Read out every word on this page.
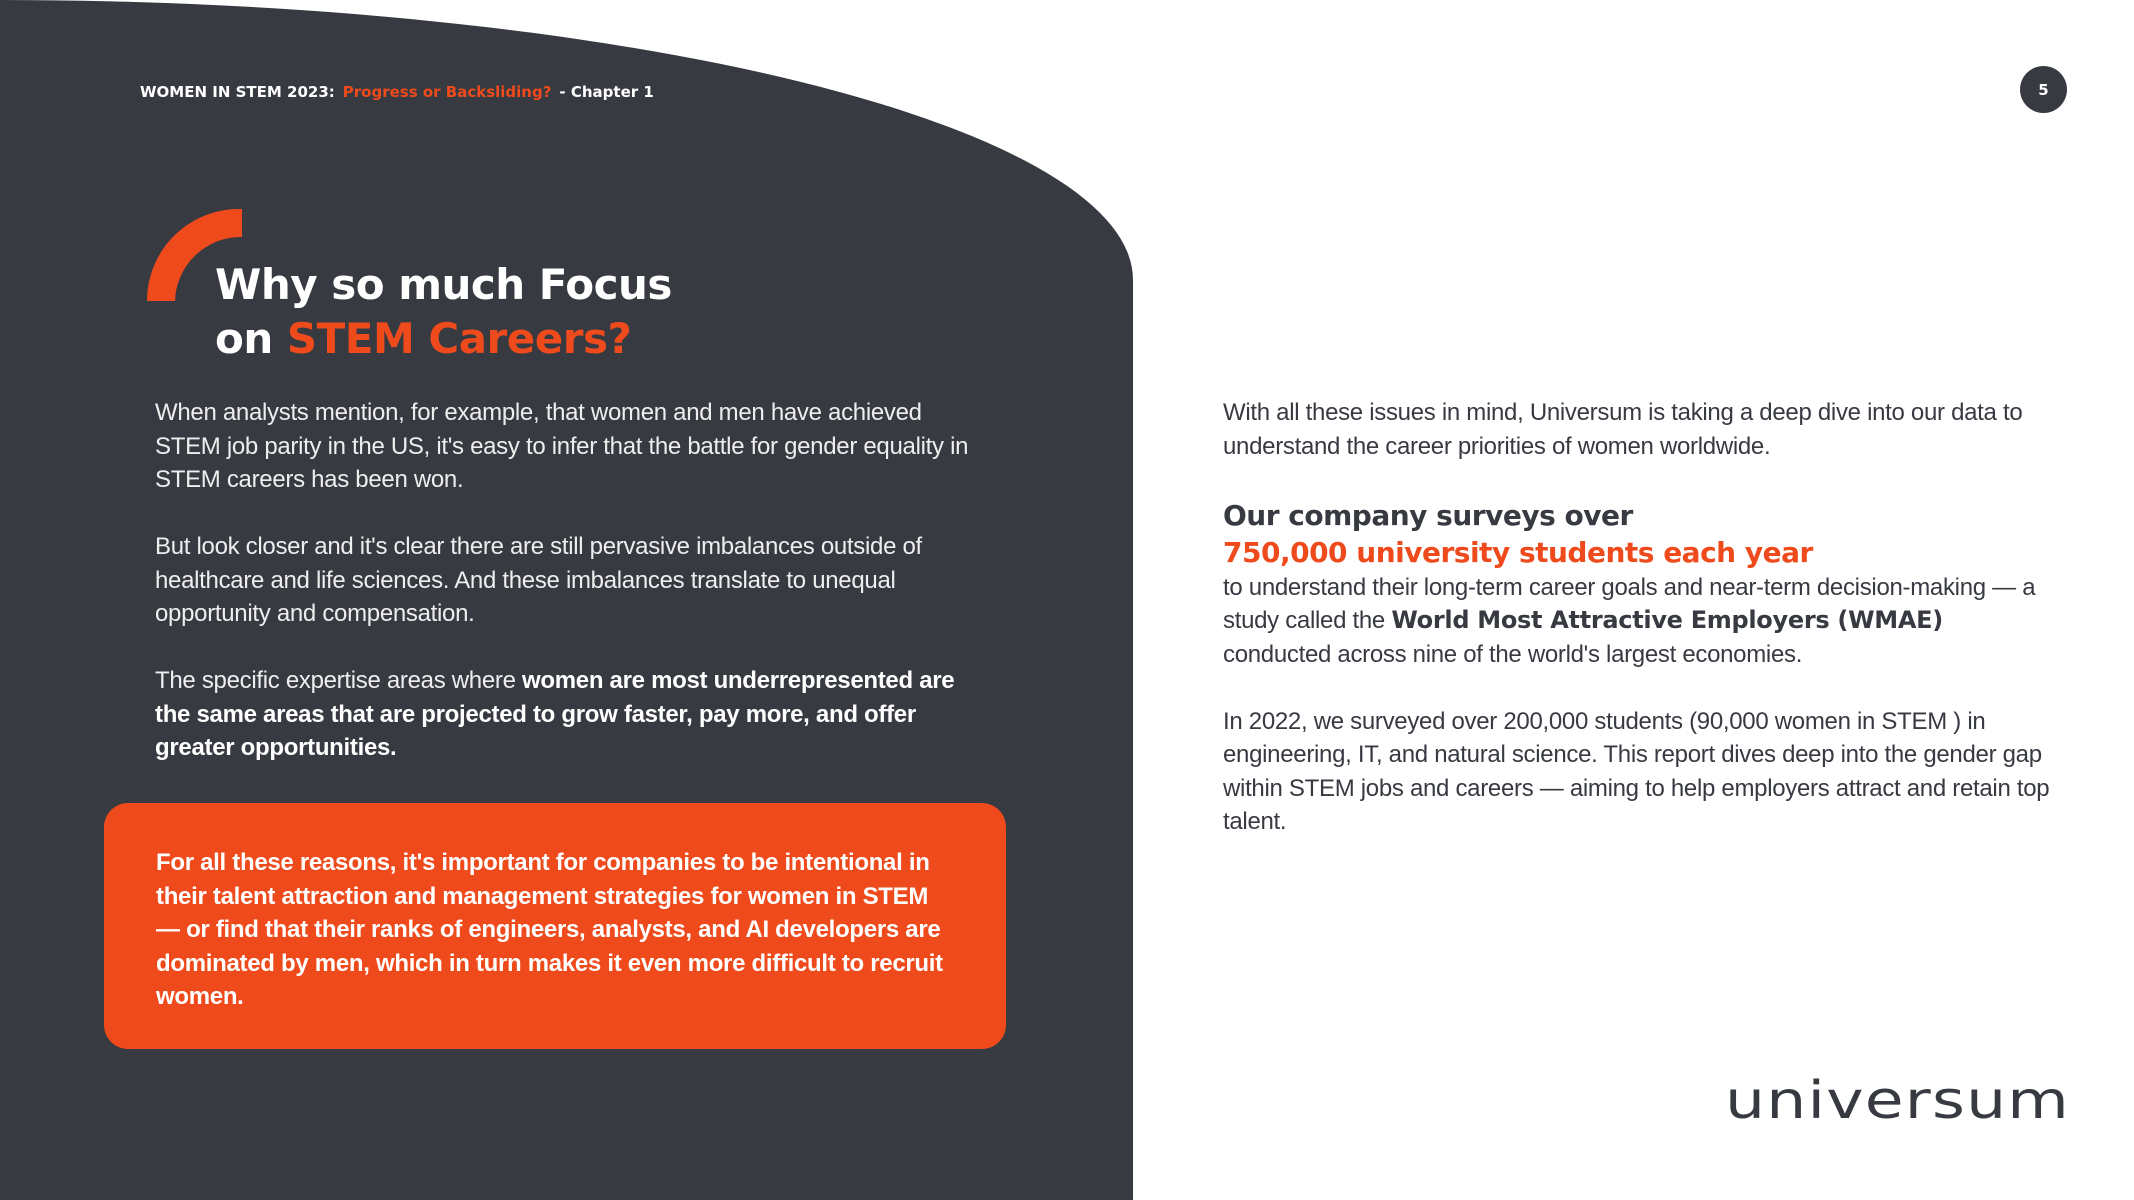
WOMEN IN STEM 2023: Progress or Backsliding? - Chapter 1	5
Why so much Focus
on STEM Careers?

When analysts mention, for example, that women and men have achieved STEM job parity in the US, it's easy to infer that the battle for gender equality in STEM careers has been won.

But look closer and it's clear there are still pervasive imbalances outside of healthcare and life sciences. And these imbalances translate to unequal opportunity and compensation.

The specific expertise areas where women are most underrepresented are the same areas that are projected to grow faster, pay more, and offer greater opportunities.

For all these reasons, it's important for companies to be intentional in their talent attraction and management strategies for women in STEM — or find that their ranks of engineers, analysts, and AI developers are dominated by men, which in turn makes it even more difficult to recruit women.

With all these issues in mind, Universum is taking a deep dive into our data to understand the career priorities of women worldwide.

Our company surveys over
750,000 university students each year

to understand their long-term career goals and near-term decision-making — a study called the World Most Attractive Employers (WMAE) conducted across nine of the world's largest economies.

In 2022, we surveyed over 200,000 students (90,000 women in STEM ) in engineering, IT, and natural science. This report dives deep into the gender gap within STEM jobs and careers — aiming to help employers attract and retain top talent.

universum
